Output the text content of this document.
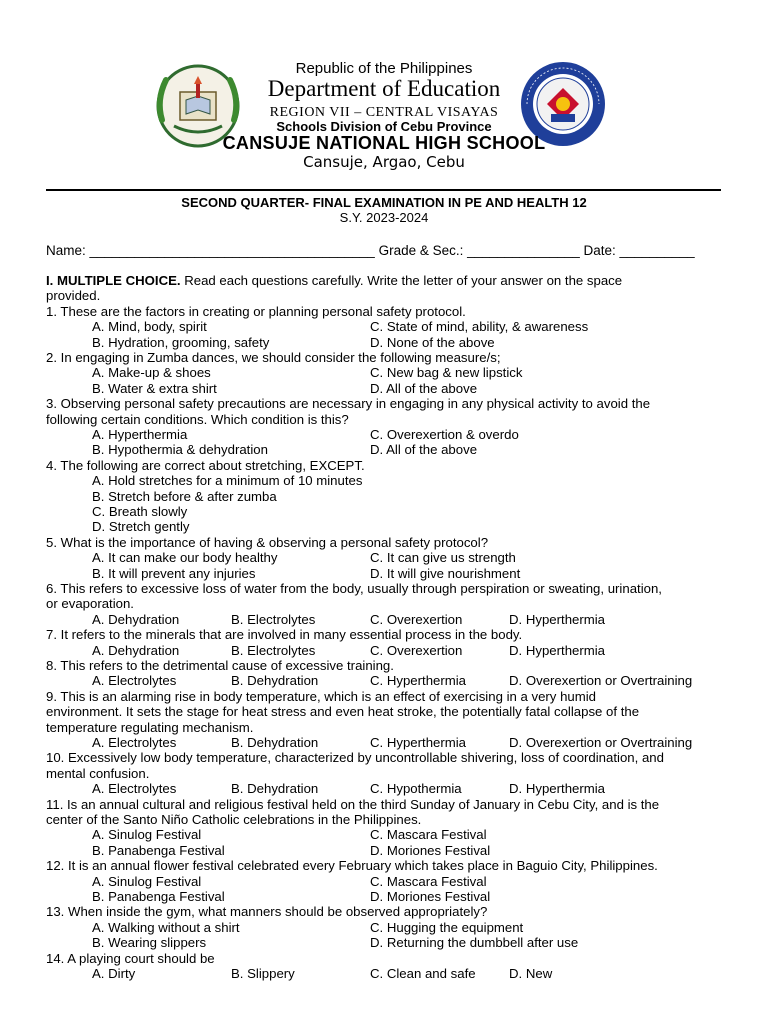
Republic of the Philippines
Department of Education
REGION VII – CENTRAL VISAYAS
Schools Division of Cebu Province
CANSUJE NATIONAL HIGH SCHOOL
Cansuje, Argao, Cebu
SECOND QUARTER- FINAL EXAMINATION IN PE AND HEALTH 12
S.Y. 2023-2024
Name: ______________________________________ Grade & Sec.: _______________ Date: __________
I. MULTIPLE CHOICE. Read each questions carefully. Write the letter of your answer on the space
provided.
1. These are the factors in creating or planning personal safety protocol.
A. Mind, body, spirit	C. State of mind, ability, & awareness
B. Hydration, grooming, safety	D. None of the above
2. In engaging in Zumba dances, we should consider the following measure/s;
A. Make-up & shoes	C. New bag & new lipstick
B. Water & extra shirt	D. All of the above
3. Observing personal safety precautions are necessary in engaging in any physical activity to avoid the
following certain conditions. Which condition is this?
A. Hyperthermia	C. Overexertion & overdo
B. Hypothermia & dehydration	D. All of the above
4. The following are correct about stretching, EXCEPT.
A. Hold stretches for a minimum of 10 minutes
B. Stretch before & after zumba
C. Breath slowly
D. Stretch gently
5. What is the importance of having & observing a personal safety protocol?
A. It can make our body healthy	C. It can give us strength
B. It will prevent any injuries	D. It will give nourishment
6. This refers to excessive loss of water from the body, usually through perspiration or sweating, urination,
or evaporation.
A. Dehydration	B. Electrolytes	C. Overexertion	D. Hyperthermia
7. It refers to the minerals that are involved in many essential process in the body.
A. Dehydration	B. Electrolytes	C. Overexertion	D. Hyperthermia
8. This refers to the detrimental cause of excessive training.
A. Electrolytes	B. Dehydration	C. Hyperthermia	D. Overexertion or Overtraining
9. This is an alarming rise in body temperature, which is an effect of exercising in a very humid
environment. It sets the stage for heat stress and even heat stroke, the potentially fatal collapse of the
temperature regulating mechanism.
A. Electrolytes	B. Dehydration	C. Hyperthermia	D. Overexertion or Overtraining
10. Excessively low body temperature, characterized by uncontrollable shivering, loss of coordination, and
mental confusion.
A. Electrolytes	B. Dehydration	C. Hypothermia	D. Hyperthermia
11. Is an annual cultural and religious festival held on the third Sunday of January in Cebu City, and is the
center of the Santo Niño Catholic celebrations in the Philippines.
A. Sinulog Festival	C. Mascara Festival
B. Panabenga Festival	D. Moriones Festival
12. It is an annual flower festival celebrated every February which takes place in Baguio City, Philippines.
A. Sinulog Festival	C. Mascara Festival
B. Panabenga Festival	D. Moriones Festival
13. When inside the gym, what manners should be observed appropriately?
A. Walking without a shirt	C. Hugging the equipment
B. Wearing slippers	D. Returning the dumbbell after use
14. A playing court should be
A. Dirty	B. Slippery	C. Clean and safe	D. New
